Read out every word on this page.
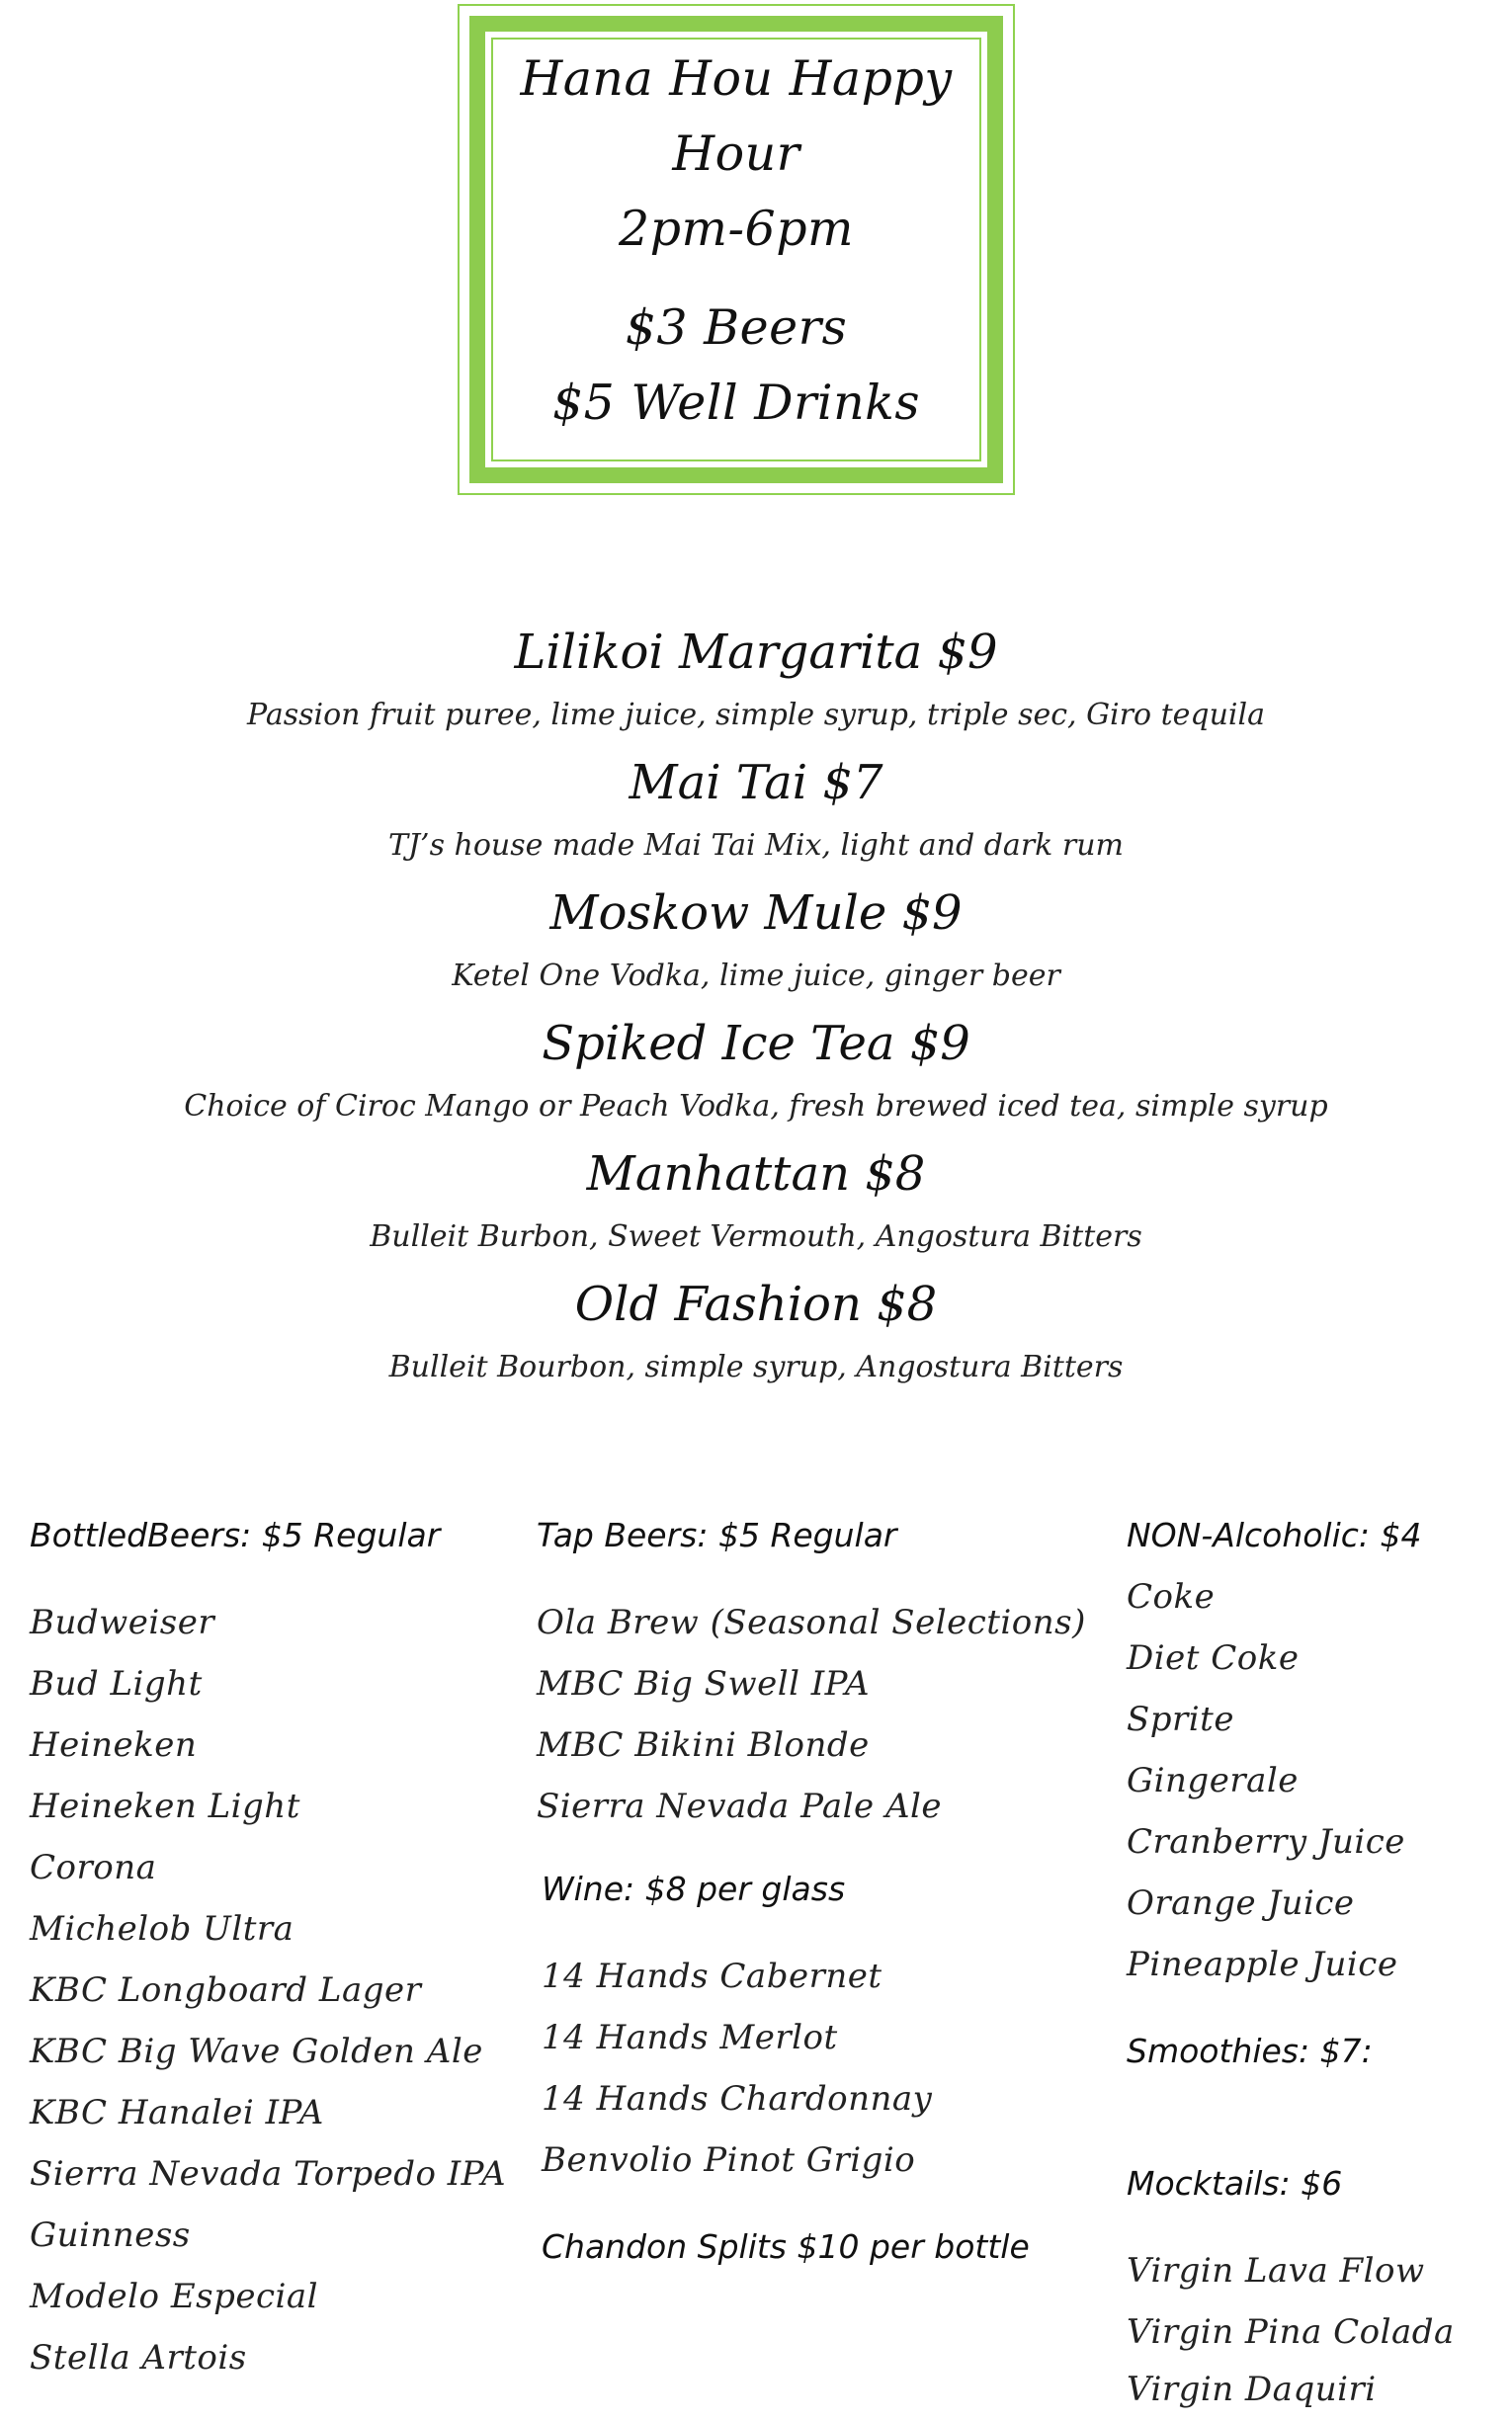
Hana Hou Happy
Hour
2pm-6pm
$3 Beers
$5 Well Drinks
Lilikoi Margarita $9
Passion fruit puree, lime juice, simple syrup, triple sec, Giro tequila
Mai Tai $7
TJ’s house made Mai Tai Mix, light and dark rum
Moskow Mule $9
Ketel One Vodka, lime juice, ginger beer
Spiked Ice Tea $9
Choice of Ciroc Mango or Peach Vodka, fresh brewed iced tea, simple syrup
Manhattan $8
Bulleit Burbon, Sweet Vermouth, Angostura Bitters
Old Fashion $8
Bulleit Bourbon, simple syrup, Angostura Bitters
BottledBeers: $5 Regular
Budweiser
Bud Light
Heineken
Heineken Light
Corona
Michelob Ultra
KBC Longboard Lager
KBC Big Wave Golden Ale
KBC Hanalei IPA
Sierra Nevada Torpedo IPA
Guinness
Modelo Especial
Stella Artois
Tap Beers: $5 Regular
Ola Brew (Seasonal Selections)
MBC Big Swell IPA
MBC Bikini Blonde
Sierra Nevada Pale Ale
Wine: $8 per glass
14 Hands Cabernet
14 Hands Merlot
14 Hands Chardonnay
Benvolio Pinot Grigio
Chandon Splits $10 per bottle
NON-Alcoholic: $4
Coke
Diet Coke
Sprite
Gingerale
Cranberry Juice
Orange Juice
Pineapple Juice
Smoothies: $7:
Mocktails: $6
Virgin Lava Flow
Virgin Pina Colada
Virgin Daquiri
